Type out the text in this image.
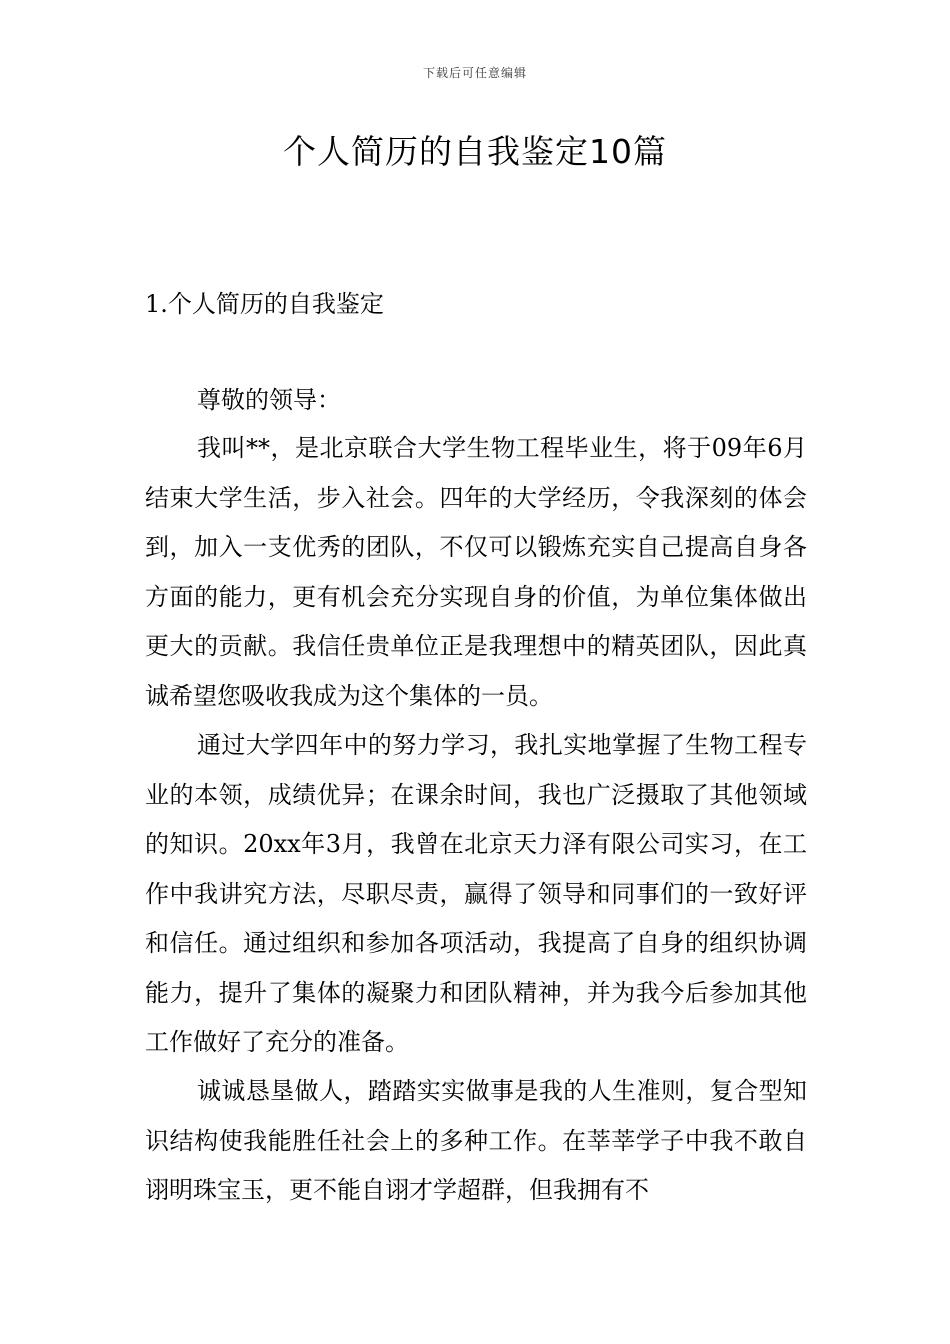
下载后可任意编辑
个人简历的自我鉴定10篇
1.个人简历的自我鉴定

尊敬的领导：

我叫**，是北京联合大学生物工程毕业生，将于09年6月结束大学生活，步入社会。四年的大学经历，令我深刻的体会到，加入一支优秀的团队，不仅可以锻炼充实自己提高自身各方面的能力，更有机会充分实现自身的价值，为单位集体做出更大的贡献。我信任贵单位正是我理想中的精英团队，因此真诚希望您吸收我成为这个集体的一员。

通过大学四年中的努力学习，我扎实地掌握了生物工程专业的本领，成绩优异；在课余时间，我也广泛摄取了其他领域的知识。20xx年3月，我曾在北京天力泽有限公司实习，在工作中我讲究方法，尽职尽责，赢得了领导和同事们的一致好评和信任。通过组织和参加各项活动，我提高了自身的组织协调能力，提升了集体的凝聚力和团队精神，并为我今后参加其他工作做好了充分的准备。

诚诚恳垦做人，踏踏实实做事是我的人生准则，复合型知识结构使我能胜任社会上的多种工作。在莘莘学子中我不敢自诩明珠宝玉，更不能自诩才学超群，但我拥有不
